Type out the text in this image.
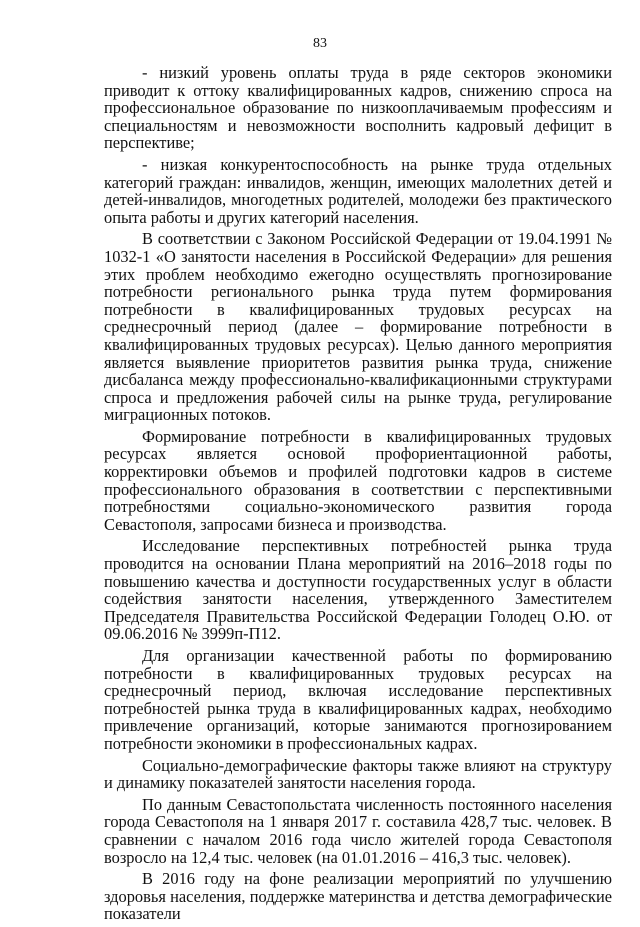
83

- низкий уровень оплаты труда в ряде секторов экономики приводит к оттоку квалифицированных кадров, снижению спроса на профессиональное образование по низкооплачиваемым профессиям и специальностям и невозможности восполнить кадровый дефицит в перспективе;

- низкая конкурентоспособность на рынке труда отдельных категорий граждан: инвалидов, женщин, имеющих малолетних детей и детей-инвалидов, многодетных родителей, молодежи без практического опыта работы и других категорий населения.

В соответствии с Законом Российской Федерации от 19.04.1991 № 1032-1 «О занятости населения в Российской Федерации» для решения этих проблем необходимо ежегодно осуществлять прогнозирование потребности регионального рынка труда путем формирования потребности в квалифицированных трудовых ресурсах на среднесрочный период (далее – формирование потребности в квалифицированных трудовых ресурсах). Целью данного мероприятия является выявление приоритетов развития рынка труда, снижение дисбаланса между профессионально-квалификационными структурами спроса и предложения рабочей силы на рынке труда, регулирование миграционных потоков.

Формирование потребности в квалифицированных трудовых ресурсах является основой профориентационной работы, корректировки объемов и профилей подготовки кадров в системе профессионального образования в соответствии с перспективными потребностями социально-экономического развития города Севастополя, запросами бизнеса и производства.

Исследование перспективных потребностей рынка труда проводится на основании Плана мероприятий на 2016–2018 годы по повышению качества и доступности государственных услуг в области содействия занятости населения, утвержденного Заместителем Председателя Правительства Российской Федерации Голодец О.Ю. от 09.06.2016 № 3999п-П12.

Для организации качественной работы по формированию потребности в квалифицированных трудовых ресурсах на среднесрочный период, включая исследование перспективных потребностей рынка труда в квалифицированных кадрах, необходимо привлечение организаций, которые занимаются прогнозированием потребности экономики в профессиональных кадрах.

Социально-демографические факторы также влияют на структуру и динамику показателей занятости населения города.

По данным Севастопольстата численность постоянного населения города Севастополя на 1 января 2017 г. составила 428,7 тыс. человек. В сравнении с началом 2016 года число жителей города Севастополя возросло на 12,4 тыс. человек (на 01.01.2016 – 416,3 тыс. человек).

В 2016 году на фоне реализации мероприятий по улучшению здоровья населения, поддержке материнства и детства демографические показатели
